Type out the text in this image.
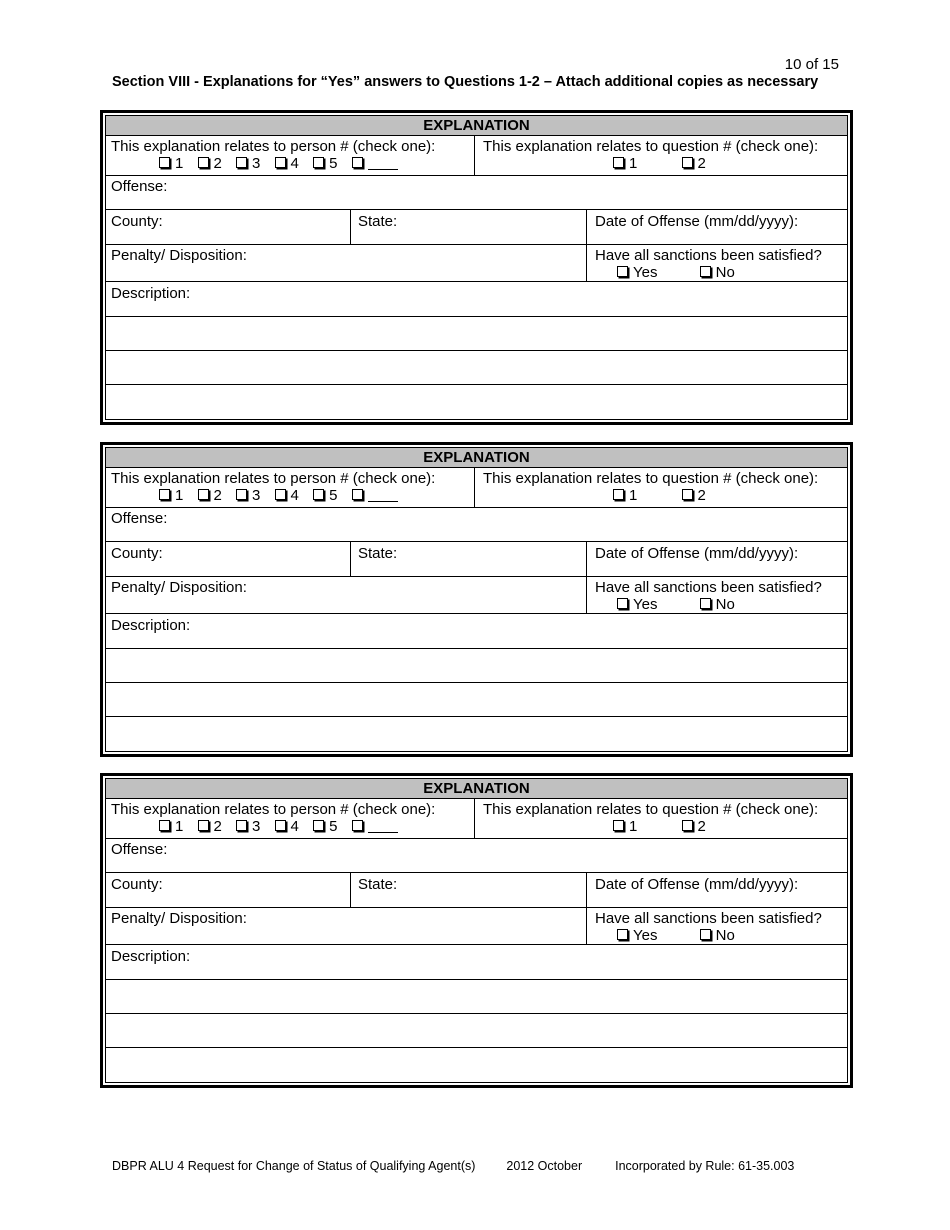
10 of 15
Section VIII - Explanations for “Yes” answers to Questions 1-2 – Attach additional copies as necessary
EXPLANATION
This explanation relates to person # (check one):
1 2 3 4 5
This explanation relates to question # (check one):
1	2
Offense:
County:	State:	Date of Offense (mm/dd/yyyy):
Penalty/ Disposition:	Have all sanctions been satisfied?
Yes	No
Description:
EXPLANATION
This explanation relates to person # (check one):
1 2 3 4 5
This explanation relates to question # (check one):
1	2
Offense:
County:	State:	Date of Offense (mm/dd/yyyy):
Penalty/ Disposition:	Have all sanctions been satisfied?
Yes	No
Description:
EXPLANATION
This explanation relates to person # (check one):
1 2 3 4 5
This explanation relates to question # (check one):
1	2
Offense:
County:	State:	Date of Offense (mm/dd/yyyy):
Penalty/ Disposition:	Have all sanctions been satisfied?
Yes	No
Description:
DBPR ALU 4 Request for Change of Status of Qualifying Agent(s) 2012 October	Incorporated by Rule: 61-35.003
